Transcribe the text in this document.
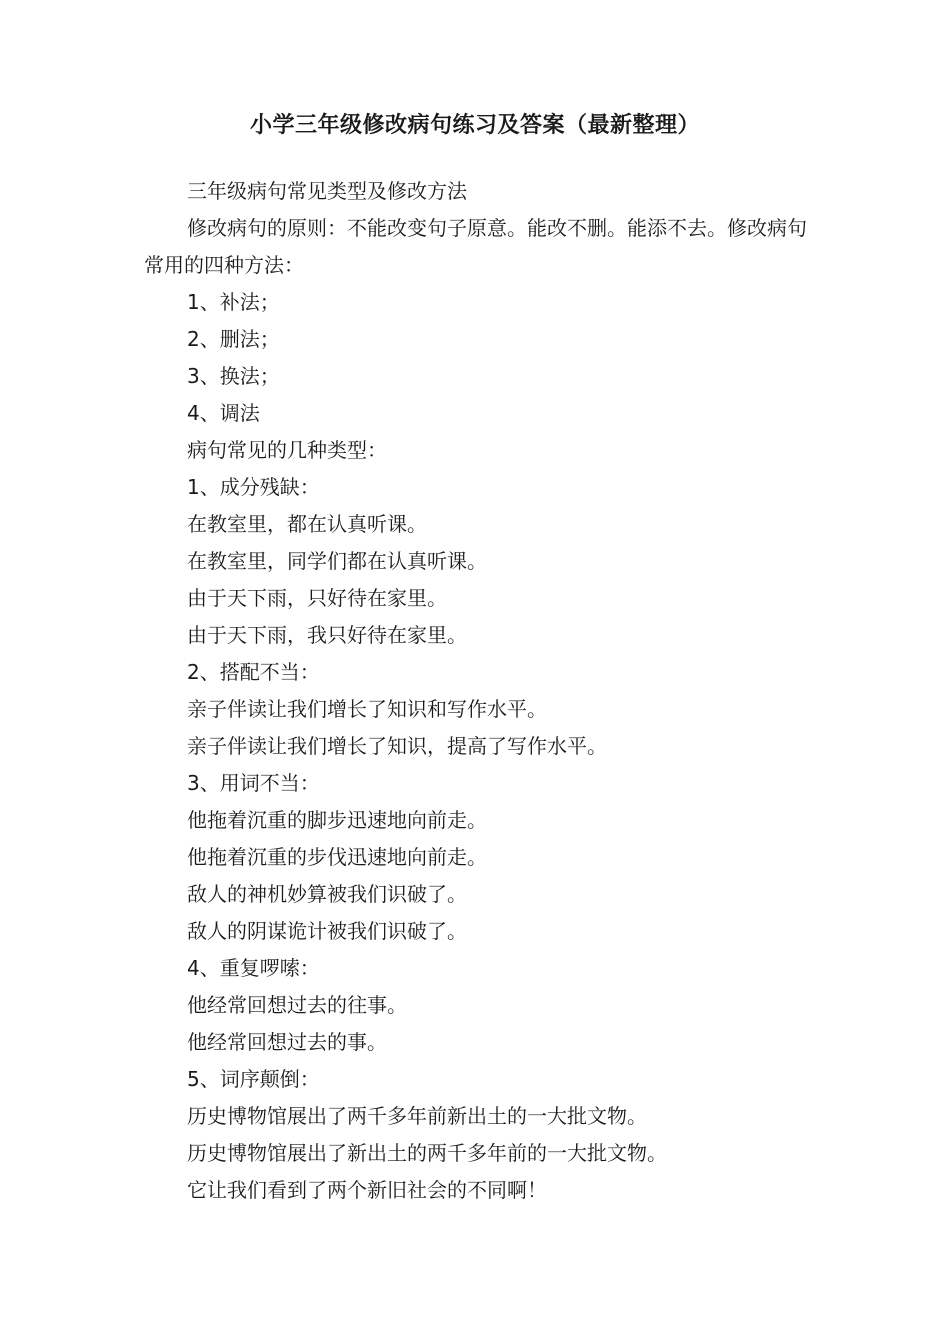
小学三年级修改病句练习及答案（最新整理）

三年级病句常见类型及修改方法

修改病句的原则：不能改变句子原意。能改不删。能添不去。修改病句常用的四种方法：

1、补法；

2、删法；

3、换法；

4、调法

病句常见的几种类型：

1、成分残缺：

在教室里，都在认真听课。

在教室里，同学们都在认真听课。

由于天下雨，只好待在家里。

由于天下雨，我只好待在家里。

2、搭配不当：

亲子伴读让我们增长了知识和写作水平。

亲子伴读让我们增长了知识，提高了写作水平。

3、用词不当：

他拖着沉重的脚步迅速地向前走。

他拖着沉重的步伐迅速地向前走。

敌人的神机妙算被我们识破了。

敌人的阴谋诡计被我们识破了。

4、重复啰嗦：

他经常回想过去的往事。

他经常回想过去的事。

5、词序颠倒：

历史博物馆展出了两千多年前新出土的一大批文物。

历史博物馆展出了新出土的两千多年前的一大批文物。

它让我们看到了两个新旧社会的不同啊！
